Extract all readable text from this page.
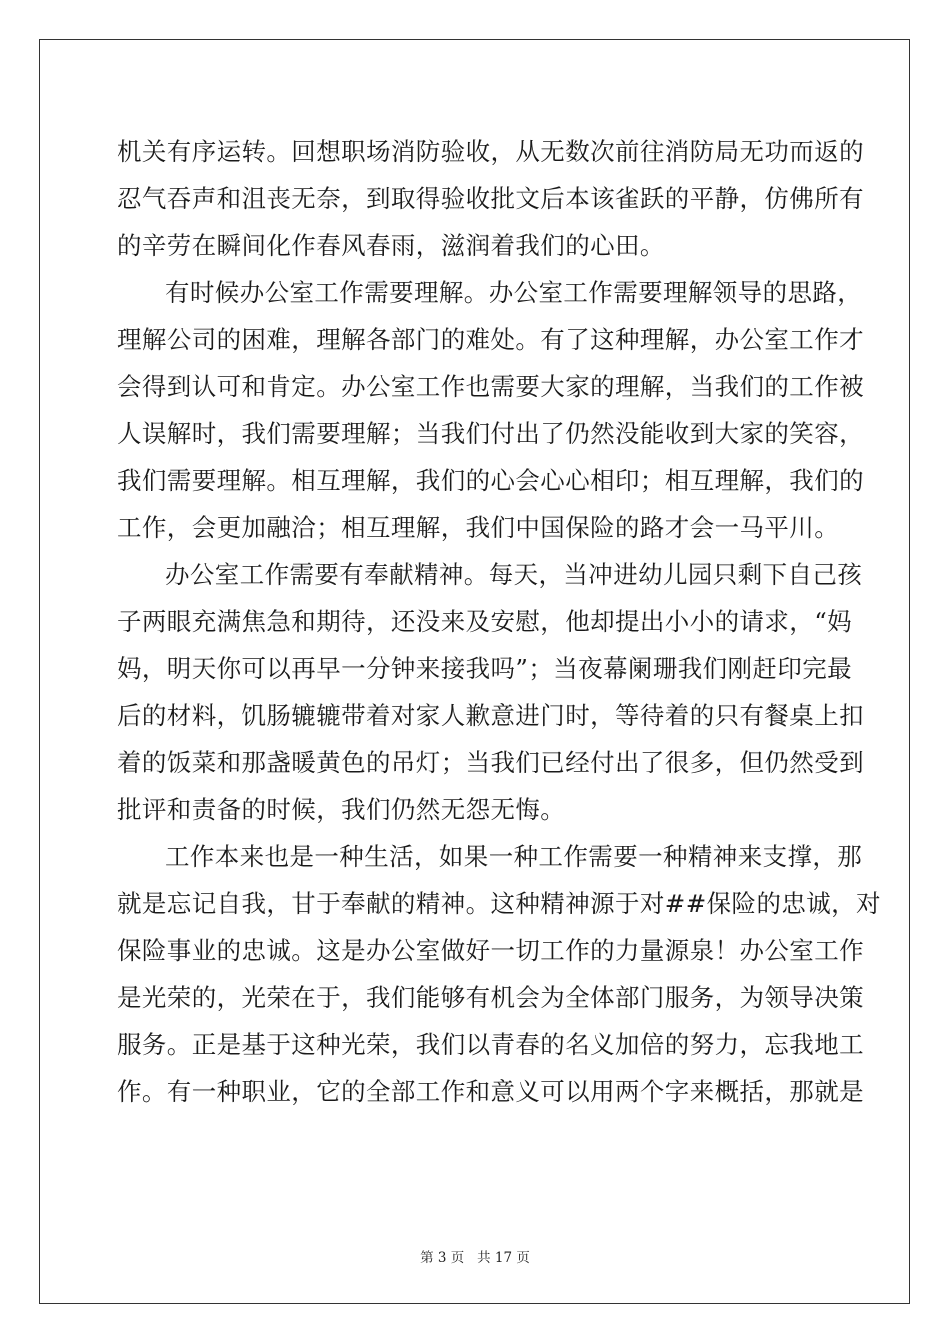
机关有序运转。回想职场消防验收，从无数次前往消防局无功而返的
忍气吞声和沮丧无奈，到取得验收批文后本该雀跃的平静，仿佛所有
的辛劳在瞬间化作春风春雨，滋润着我们的心田。
有时候办公室工作需要理解。办公室工作需要理解领导的思路，
理解公司的困难，理解各部门的难处。有了这种理解，办公室工作才
会得到认可和肯定。办公室工作也需要大家的理解，当我们的工作被
人误解时，我们需要理解；当我们付出了仍然没能收到大家的笑容，
我们需要理解。相互理解，我们的心会心心相印；相互理解，我们的
工作，会更加融洽；相互理解，我们中国保险的路才会一马平川。
办公室工作需要有奉献精神。每天，当冲进幼儿园只剩下自己孩
子两眼充满焦急和期待，还没来及安慰，他却提出小小的请求，“妈
妈，明天你可以再早一分钟来接我吗”；当夜幕阑珊我们刚赶印完最
后的材料，饥肠辘辘带着对家人歉意进门时，等待着的只有餐桌上扣
着的饭菜和那盏暖黄色的吊灯；当我们已经付出了很多，但仍然受到
批评和责备的时候，我们仍然无怨无悔。
工作本来也是一种生活，如果一种工作需要一种精神来支撑，那
就是忘记自我，甘于奉献的精神。这种精神源于对##保险的忠诚，对
保险事业的忠诚。这是办公室做好一切工作的力量源泉！办公室工作
是光荣的，光荣在于，我们能够有机会为全体部门服务，为领导决策
服务。正是基于这种光荣，我们以青春的名义加倍的努力，忘我地工
作。有一种职业，它的全部工作和意义可以用两个字来概括，那就是
第 3 页 共 17 页
